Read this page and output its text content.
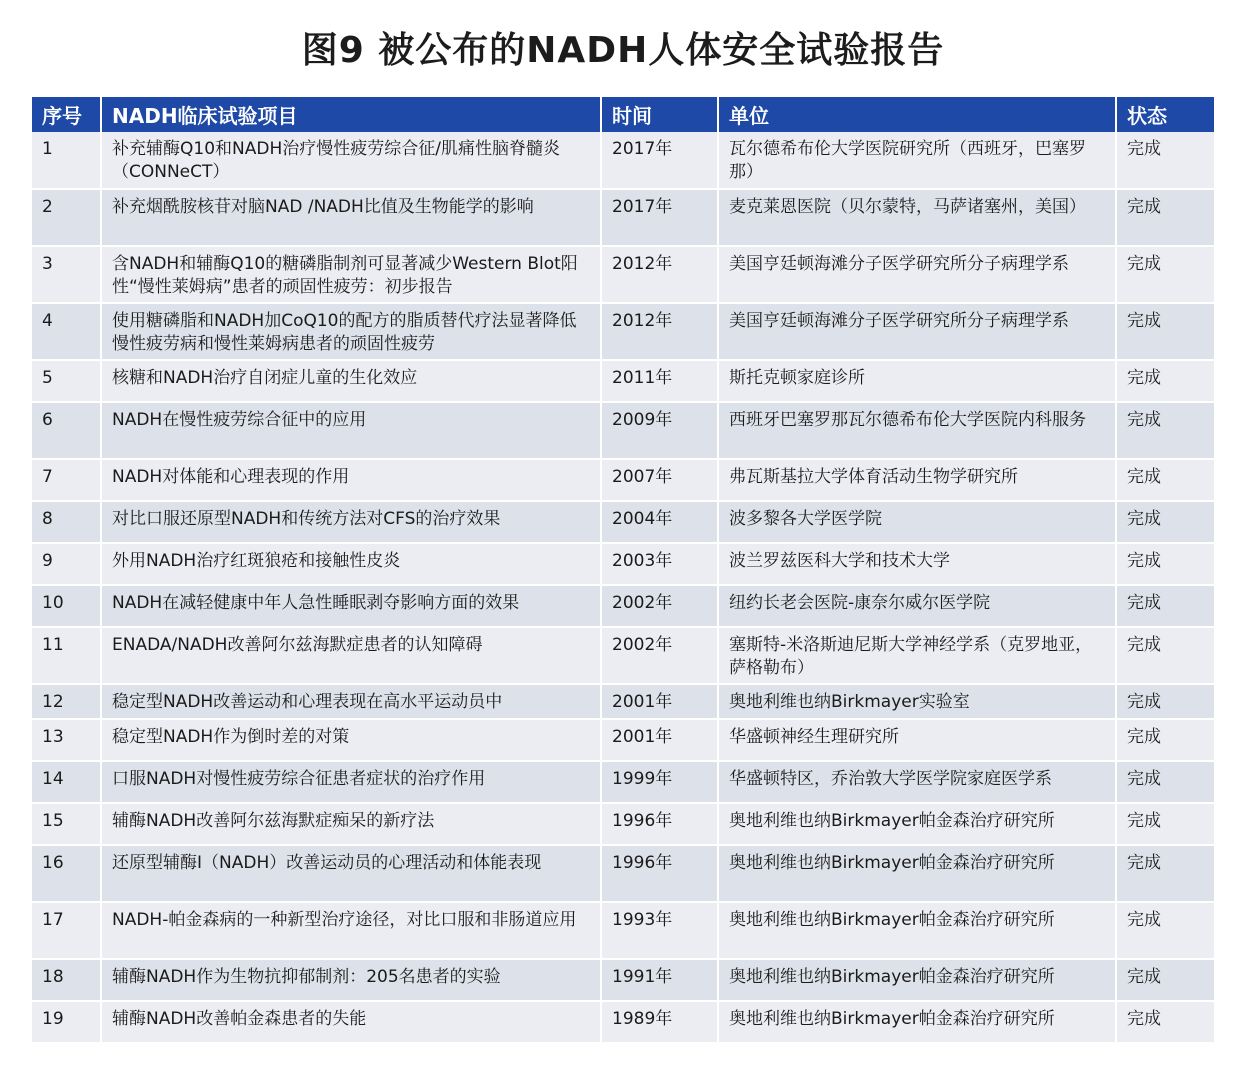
图9 被公布的NADH人体安全试验报告
序号	NADH临床试验项目	时间	单位	状态
1	补充辅酶Q10和NADH治疗慢性疲劳综合征/肌痛性脑脊髓炎（CONNeCT）	2017年	瓦尔德希布伦大学医院研究所（西班牙，巴塞罗那）	完成
2	补充烟酰胺核苷对脑NAD /NADH比值及生物能学的影响	2017年	麦克莱恩医院（贝尔蒙特，马萨诸塞州，美国）	完成
3	含NADH和辅酶Q10的糖磷脂制剂可显著减少Western Blot阳性“慢性莱姆病”患者的顽固性疲劳：初步报告	2012年	美国亨廷顿海滩分子医学研究所分子病理学系	完成
4	使用糖磷脂和NADH加CoQ10的配方的脂质替代疗法显著降低慢性疲劳病和慢性莱姆病患者的顽固性疲劳	2012年	美国亨廷顿海滩分子医学研究所分子病理学系	完成
5	核糖和NADH治疗自闭症儿童的生化效应	2011年	斯托克顿家庭诊所	完成
6	NADH在慢性疲劳综合征中的应用	2009年	西班牙巴塞罗那瓦尔德希布伦大学医院内科服务	完成
7	NADH对体能和心理表现的作用	2007年	弗瓦斯基拉大学体育活动生物学研究所	完成
8	对比口服还原型NADH和传统方法对CFS的治疗效果	2004年	波多黎各大学医学院	完成
9	外用NADH治疗红斑狼疮和接触性皮炎	2003年	波兰罗兹医科大学和技术大学	完成
10	NADH在减轻健康中年人急性睡眠剥夺影响方面的效果	2002年	纽约长老会医院-康奈尔威尔医学院	完成
11	ENADA/NADH改善阿尔兹海默症患者的认知障碍	2002年	塞斯特-米洛斯迪尼斯大学神经学系（克罗地亚，萨格勒布）	完成
12	稳定型NADH改善运动和心理表现在高水平运动员中	2001年	奥地利维也纳Birkmayer实验室	完成
13	稳定型NADH作为倒时差的对策	2001年	华盛顿神经生理研究所	完成
14	口服NADH对慢性疲劳综合征患者症状的治疗作用	1999年	华盛顿特区，乔治敦大学医学院家庭医学系	完成
15	辅酶NADH改善阿尔兹海默症痴呆的新疗法	1996年	奥地利维也纳Birkmayer帕金森治疗研究所	完成
16	还原型辅酶I（NADH）改善运动员的心理活动和体能表现	1996年	奥地利维也纳Birkmayer帕金森治疗研究所	完成
17	NADH-帕金森病的一种新型治疗途径，对比口服和非肠道应用	1993年	奥地利维也纳Birkmayer帕金森治疗研究所	完成
18	辅酶NADH作为生物抗抑郁制剂：205名患者的实验	1991年	奥地利维也纳Birkmayer帕金森治疗研究所	完成
19	辅酶NADH改善帕金森患者的失能	1989年	奥地利维也纳Birkmayer帕金森治疗研究所	完成
